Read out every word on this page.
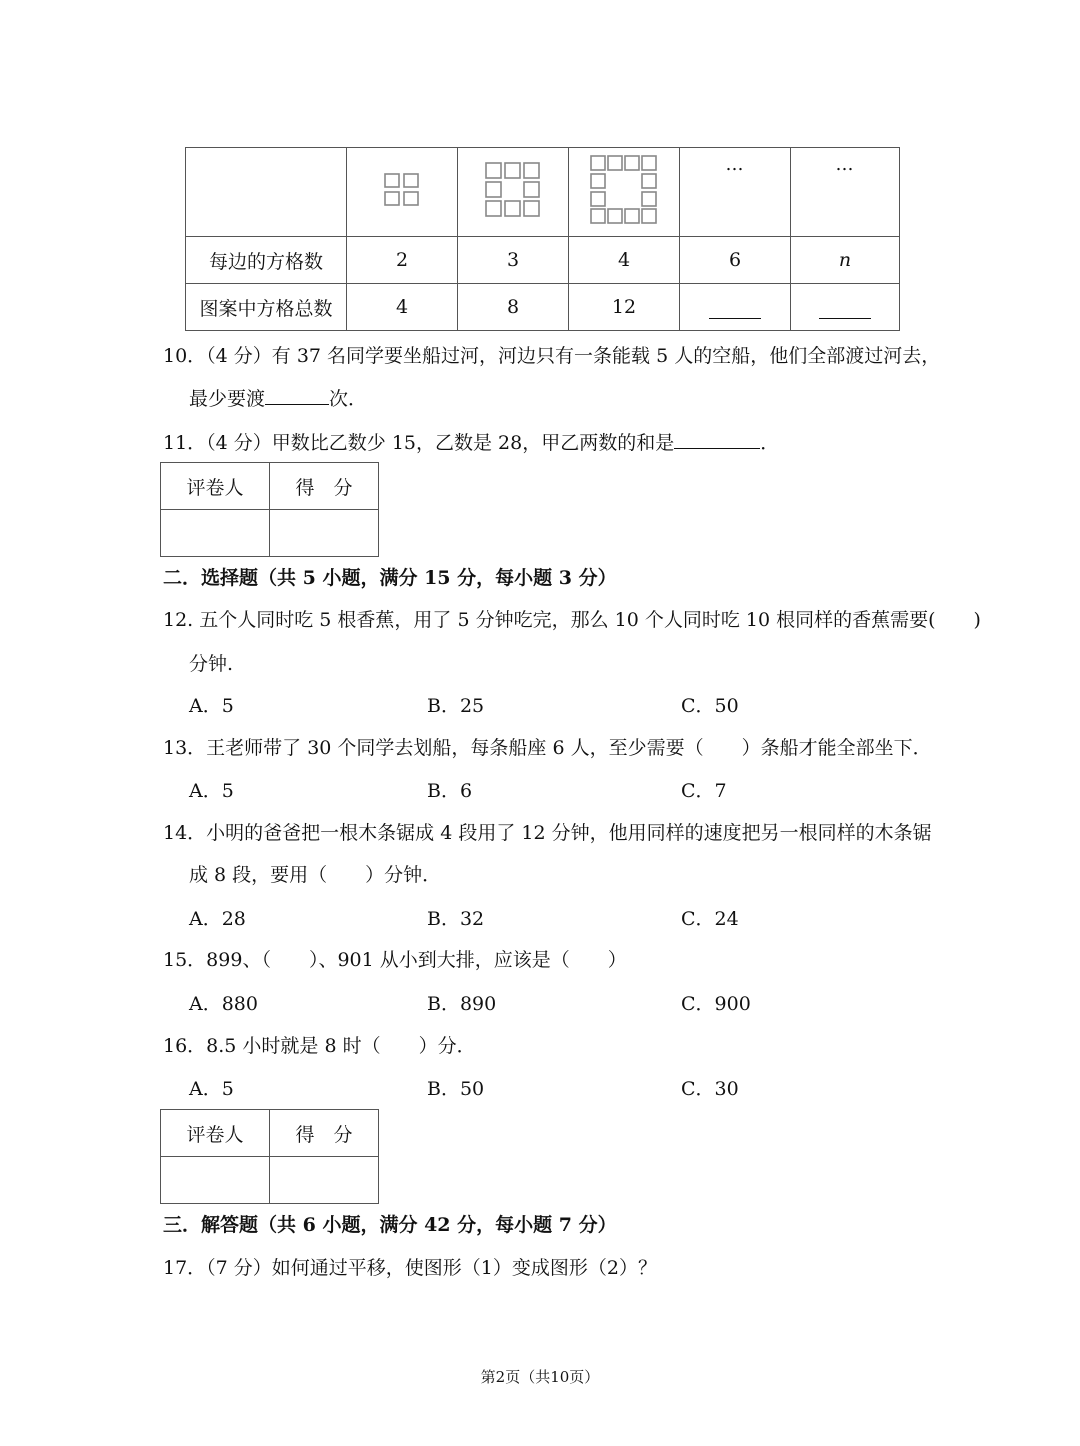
				…	…
每边的方格数	2	3	4	6	n
图案中方格总数	4	8	12		
10．（4 分）有 37 名同学要坐船过河，河边只有一条能载 5 人的空船，他们全部渡过河去，
最少要渡	次．
11．（4 分）甲数比乙数少 15，乙数是 28，甲乙两数的和是	．
评卷人	得　分

二．选择题（共 5 小题，满分 15 分，每小题 3 分）
12. 五个人同时吃 5 根香蕉，用了 5 分钟吃完，那么 10 个人同时吃 10 根同样的香蕉需要(　　)
分钟.
A．5	B．25	C．50
13．王老师带了 30 个同学去划船，每条船座 6 人，至少需要（　　）条船才能全部坐下．
A．5	B．6	C．7
14．小明的爸爸把一根木条锯成 4 段用了 12 分钟，他用同样的速度把另一根同样的木条锯
成 8 段，要用（　　）分钟．
A．28	B．32	C．24
15．899、（　　）、901 从小到大排，应该是（　　）
A．880	B．890	C．900
16．8.5 小时就是 8 时（　　）分．
A．5	B．50	C．30
评卷人	得　分

三．解答题（共 6 小题，满分 42 分，每小题 7 分）
17．（7 分）如何通过平移，使图形（1）变成图形（2）？
第2页（共10页）
